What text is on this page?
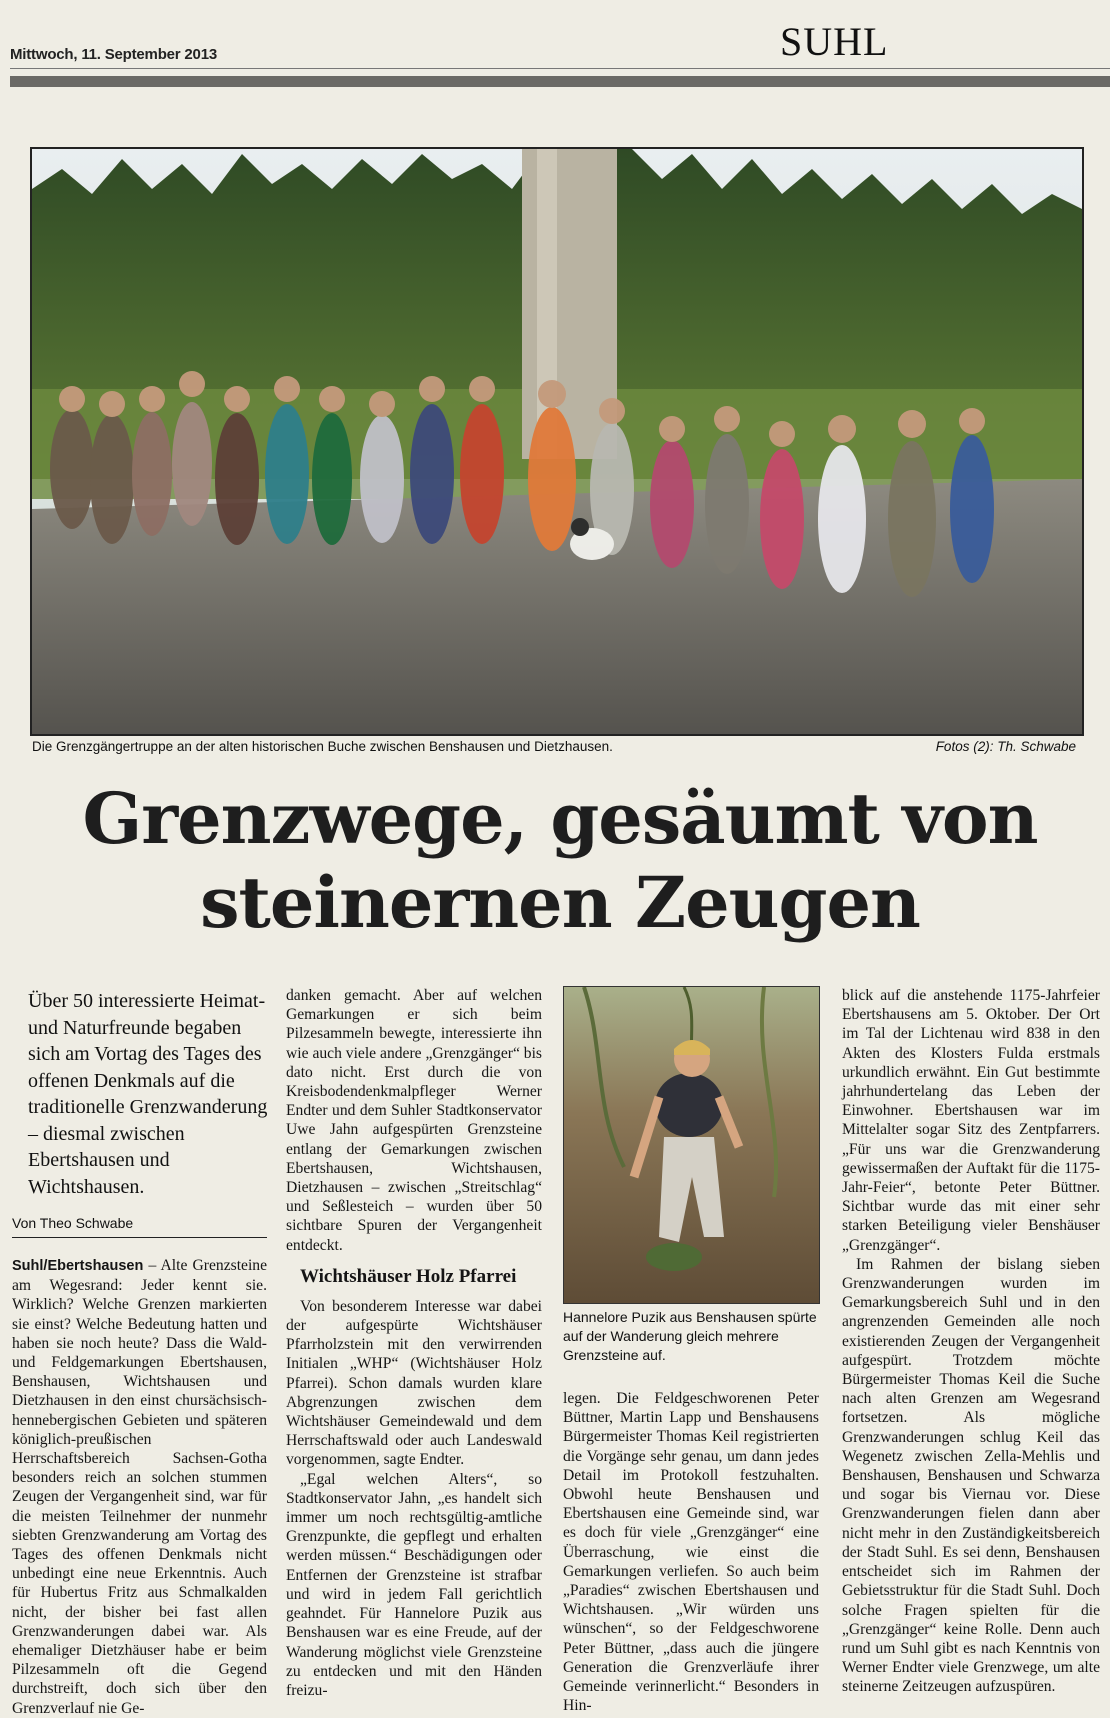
Mittwoch, 11. September 2013	SUHL
Die Grenzgängertruppe an der alten historischen Buche zwischen Benshausen und Dietzhausen.	Fotos (2): Th. Schwabe
Grenzwege, gesäumt von
steinernen Zeugen
Über 50 interessierte Heimat- und Naturfreunde begaben sich am Vortag des Tages des offenen Denkmals auf die traditionelle Grenzwanderung – diesmal zwischen Ebertshausen und Wichtshausen.
Von Theo Schwabe

Suhl/Ebertshausen – Alte Grenzsteine am Wegesrand: Jeder kennt sie. Wirklich? Welche Grenzen markierten sie einst? Welche Bedeutung hatten und haben sie noch heute? Dass die Wald- und Feldgemarkungen Ebertshausen, Benshausen, Wichtshausen und Dietzhausen in den einst chursächsisch-hennebergischen Gebieten und späteren königlich-preußischen Herrschaftsbereich Sachsen-Gotha besonders reich an solchen stummen Zeugen der Vergangenheit sind, war für die meisten Teilnehmer der nunmehr siebten Grenzwanderung am Vortag des Tages des offenen Denkmals nicht unbedingt eine neue Erkenntnis. Auch für Hubertus Fritz aus Schmalkalden nicht, der bisher bei fast allen Grenzwanderungen dabei war. Als ehemaliger Dietzhäuser habe er beim Pilzesammeln oft die Gegend durchstreift, doch sich über den Grenzverlauf nie Ge-

danken gemacht. Aber auf welchen Gemarkungen er sich beim Pilzesammeln bewegte, interessierte ihn wie auch viele andere „Grenzgänger“ bis dato nicht. Erst durch die von Kreisbodendenkmalpfleger Werner Endter und dem Suhler Stadtkonservator Uwe Jahn aufgespürten Grenzsteine entlang der Gemarkungen zwischen Ebertshausen, Wichtshausen, Dietzhausen – zwischen „Streitschlag“ und Seßlesteich – wurden über 50 sichtbare Spuren der Vergangenheit entdeckt.

Wichtshäuser Holz Pfarrei

Von besonderem Interesse war dabei der aufgespürte Wichtshäuser Pfarrholzstein mit den verwirrenden Initialen „WHP“ (Wichtshäuser Holz Pfarrei). Schon damals wurden klare Abgrenzungen zwischen dem Wichtshäuser Gemeindewald und dem Herrschaftswald oder auch Landeswald vorgenommen, sagte Endter.

„Egal welchen Alters“, so Stadtkonservator Jahn, „es handelt sich immer um noch rechtsgültig-amtliche Grenzpunkte, die gepflegt und erhalten werden müssen.“ Beschädigungen oder Entfernen der Grenzsteine ist strafbar und wird in jedem Fall gerichtlich geahndet. Für Hannelore Puzik aus Benshausen war es eine Freude, auf der Wanderung möglichst viele Grenzsteine zu entdecken und mit den Händen freizu-

Hannelore Puzik aus Benshausen spürte auf der Wanderung gleich mehrere Grenzsteine auf.

legen. Die Feldgeschworenen Peter Büttner, Martin Lapp und Benshausens Bürgermeister Thomas Keil registrierten die Vorgänge sehr genau, um dann jedes Detail im Protokoll festzuhalten. Obwohl heute Benshausen und Ebertshausen eine Gemeinde sind, war es doch für viele „Grenzgänger“ eine Überraschung, wie einst die Gemarkungen verliefen. So auch beim „Paradies“ zwischen Ebertshausen und Wichtshausen. „Wir würden uns wünschen“, so der Feldgeschworene Peter Büttner, „dass auch die jüngere Generation die Grenzverläufe ihrer Gemeinde verinnerlicht.“ Besonders in Hin-

blick auf die anstehende 1175-Jahrfeier Ebertshausens am 5. Oktober. Der Ort im Tal der Lichtenau wird 838 in den Akten des Klosters Fulda erstmals urkundlich erwähnt. Ein Gut bestimmte jahrhundertelang das Leben der Einwohner. Ebertshausen war im Mittelalter sogar Sitz des Zentpfarrers. „Für uns war die Grenzwanderung gewissermaßen der Auftakt für die 1175-Jahr-Feier“, betonte Peter Büttner. Sichtbar wurde das mit einer sehr starken Beteiligung vieler Benshäuser „Grenzgänger“.

Im Rahmen der bislang sieben Grenzwanderungen wurden im Gemarkungsbereich Suhl und in den angrenzenden Gemeinden alle noch existierenden Zeugen der Vergangenheit aufgespürt. Trotzdem möchte Bürgermeister Thomas Keil die Suche nach alten Grenzen am Wegesrand fortsetzen. Als mögliche Grenzwanderungen schlug Keil das Wegenetz zwischen Zella-Mehlis und Benshausen, Benshausen und Schwarza und sogar bis Viernau vor. Diese Grenzwanderungen fielen dann aber nicht mehr in den Zuständigkeitsbereich der Stadt Suhl. Es sei denn, Benshausen entscheidet sich im Rahmen der Gebietsstruktur für die Stadt Suhl. Doch solche Fragen spielten für die „Grenzgänger“ keine Rolle. Denn auch rund um Suhl gibt es nach Kenntnis von Werner Endter viele Grenzwege, um alte steinerne Zeitzeugen aufzuspüren.
